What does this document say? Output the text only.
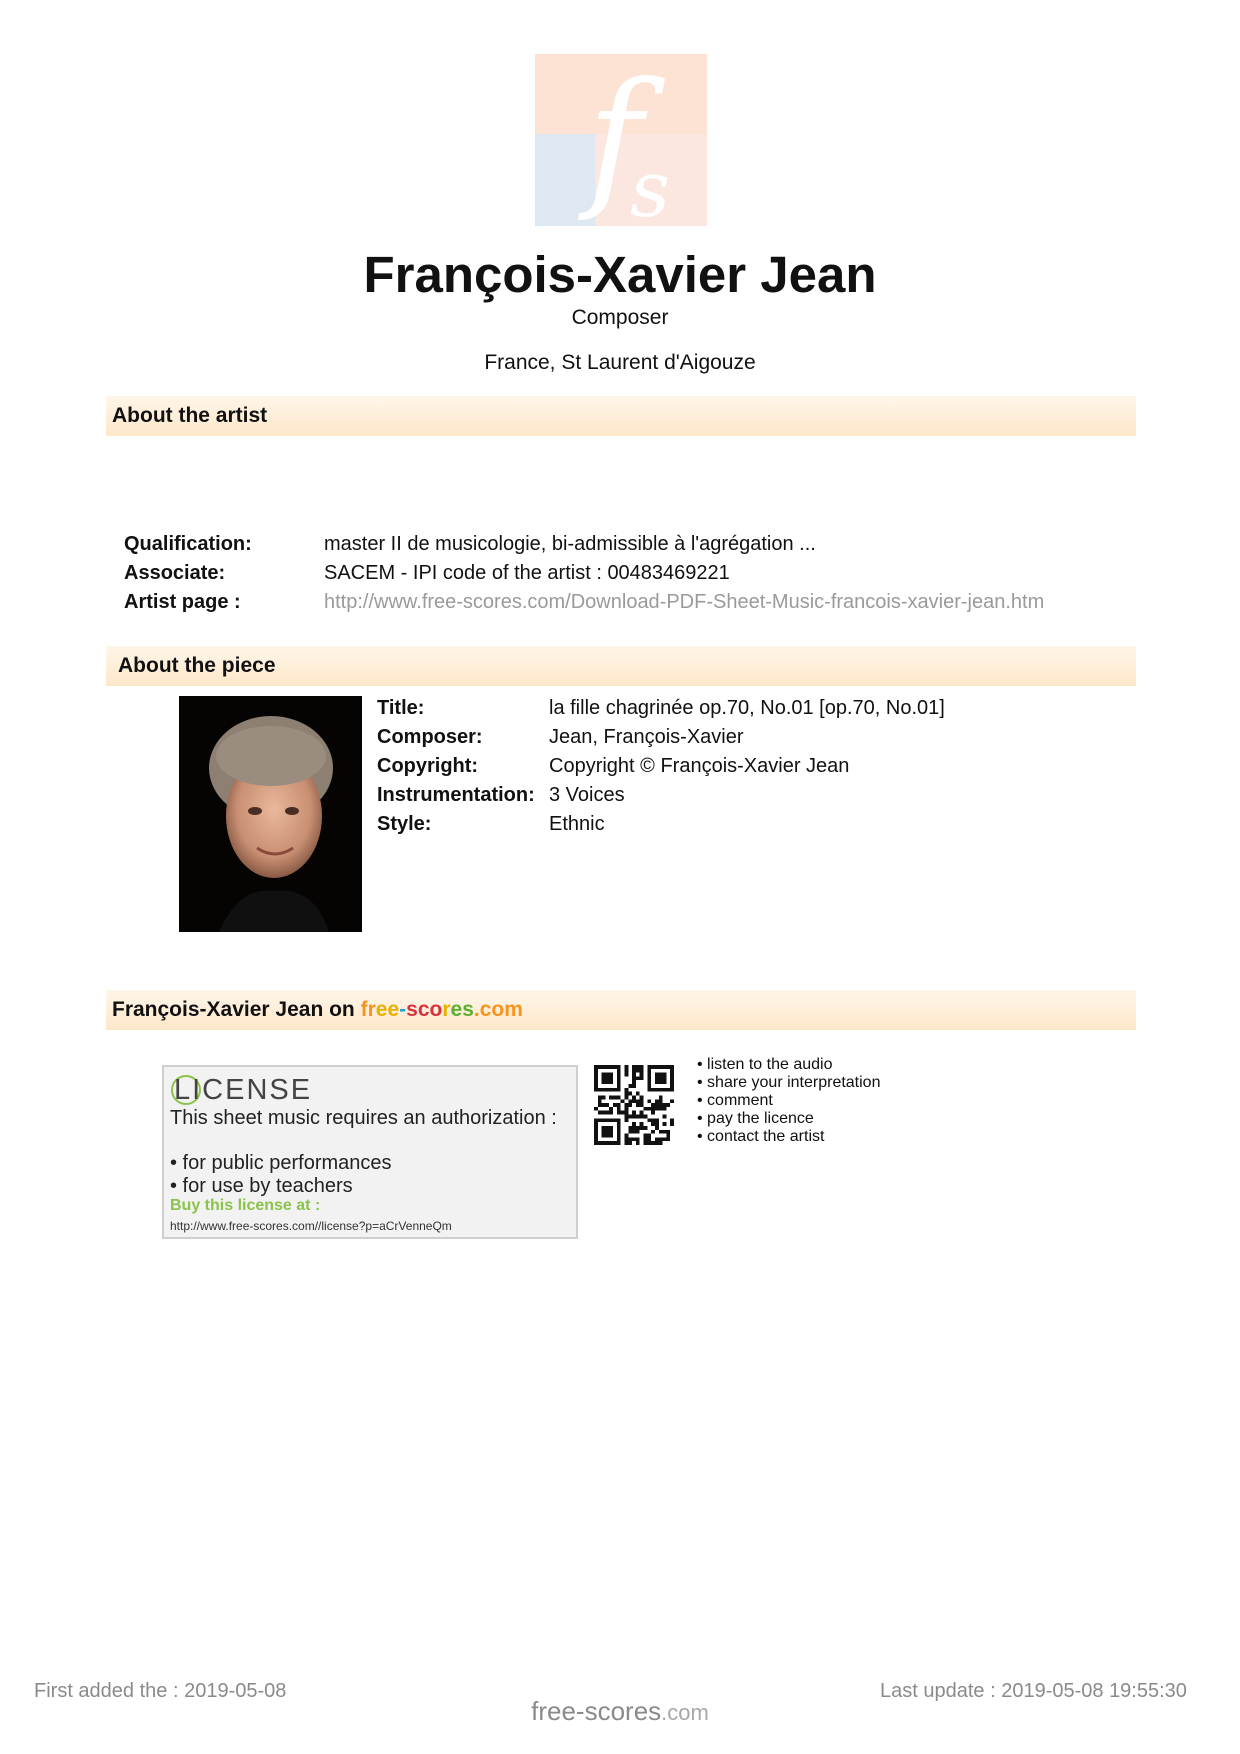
f
s
François-Xavier Jean
Composer
France, St Laurent d'Aigouze
About the artist
Qualification:	master II de musicologie, bi-admissible à l'agrégation ...
Associate:	SACEM - IPI code of the artist : 00483469221
Artist page :	http://www.free-scores.com/Download-PDF-Sheet-Music-francois-xavier-jean.htm
About the piece
Title:	la fille chagrinée op.70, No.01 [op.70, No.01]
Composer:	Jean, François-Xavier
Copyright:	Copyright © François-Xavier Jean
Instrumentation: 3 Voices
Style:	Ethnic
François-Xavier Jean on free-scores.com
LICENSE
This sheet music requires an authorization :
• for public performances
• for use by teachers
Buy this license at :
http://www.free-scores.com//license?p=aCrVenneQm
• listen to the audio
• share your interpretation
• comment
• pay the licence
• contact the artist
First added the : 2019-05-08	Last update : 2019-05-08 19:55:30
free-scores.com
